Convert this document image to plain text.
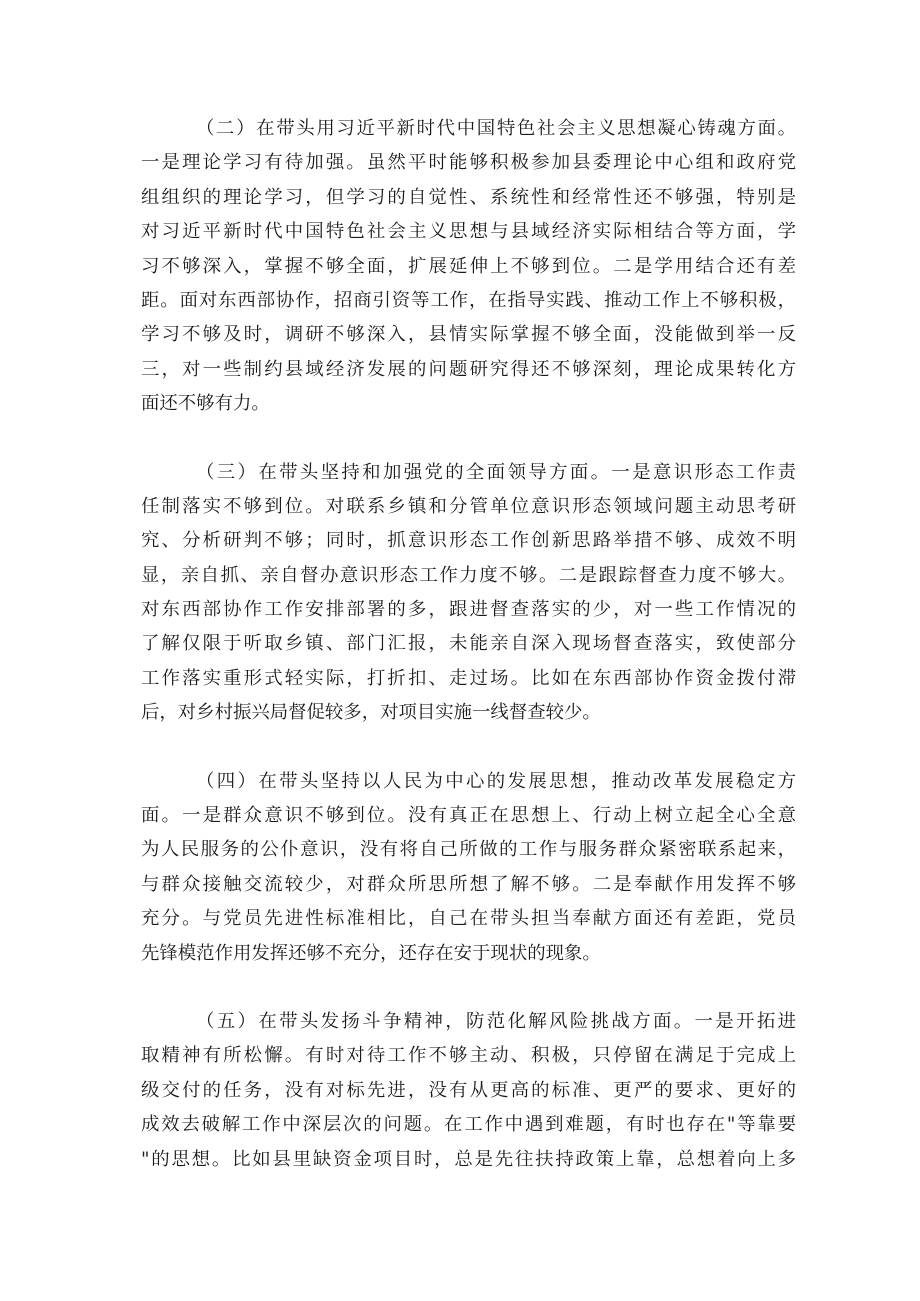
（二）在带头用习近平新时代中国特色社会主义思想凝心铸魂方面。
一是理论学习有待加强。虽然平时能够积极参加县委理论中心组和政府党
组组织的理论学习，但学习的自觉性、系统性和经常性还不够强，特别是
对习近平新时代中国特色社会主义思想与县域经济实际相结合等方面，学
习不够深入，掌握不够全面，扩展延伸上不够到位。二是学用结合还有差
距。面对东西部协作，招商引资等工作，在指导实践、推动工作上不够积极，
学习不够及时，调研不够深入，县情实际掌握不够全面，没能做到举一反
三，对一些制约县域经济发展的问题研究得还不够深刻，理论成果转化方
面还不够有力。
（三）在带头坚持和加强党的全面领导方面。一是意识形态工作责
任制落实不够到位。对联系乡镇和分管单位意识形态领域问题主动思考研
究、分析研判不够；同时，抓意识形态工作创新思路举措不够、成效不明
显，亲自抓、亲自督办意识形态工作力度不够。二是跟踪督查力度不够大。
对东西部协作工作安排部署的多，跟进督查落实的少，对一些工作情况的
了解仅限于听取乡镇、部门汇报，未能亲自深入现场督查落实，致使部分
工作落实重形式轻实际，打折扣、走过场。比如在东西部协作资金拨付滞
后，对乡村振兴局督促较多，对项目实施一线督查较少。
（四）在带头坚持以人民为中心的发展思想，推动改革发展稳定方
面。一是群众意识不够到位。没有真正在思想上、行动上树立起全心全意
为人民服务的公仆意识，没有将自己所做的工作与服务群众紧密联系起来，
与群众接触交流较少，对群众所思所想了解不够。二是奉献作用发挥不够
充分。与党员先进性标准相比，自己在带头担当奉献方面还有差距，党员
先锋模范作用发挥还够不充分，还存在安于现状的现象。
（五）在带头发扬斗争精神，防范化解风险挑战方面。一是开拓进
取精神有所松懈。有时对待工作不够主动、积极，只停留在满足于完成上
级交付的任务，没有对标先进，没有从更高的标准、更严的要求、更好的
成效去破解工作中深层次的问题。在工作中遇到难题，有时也存在"等靠要
"的思想。比如县里缺资金项目时，总是先往扶持政策上靠，总想着向上多
